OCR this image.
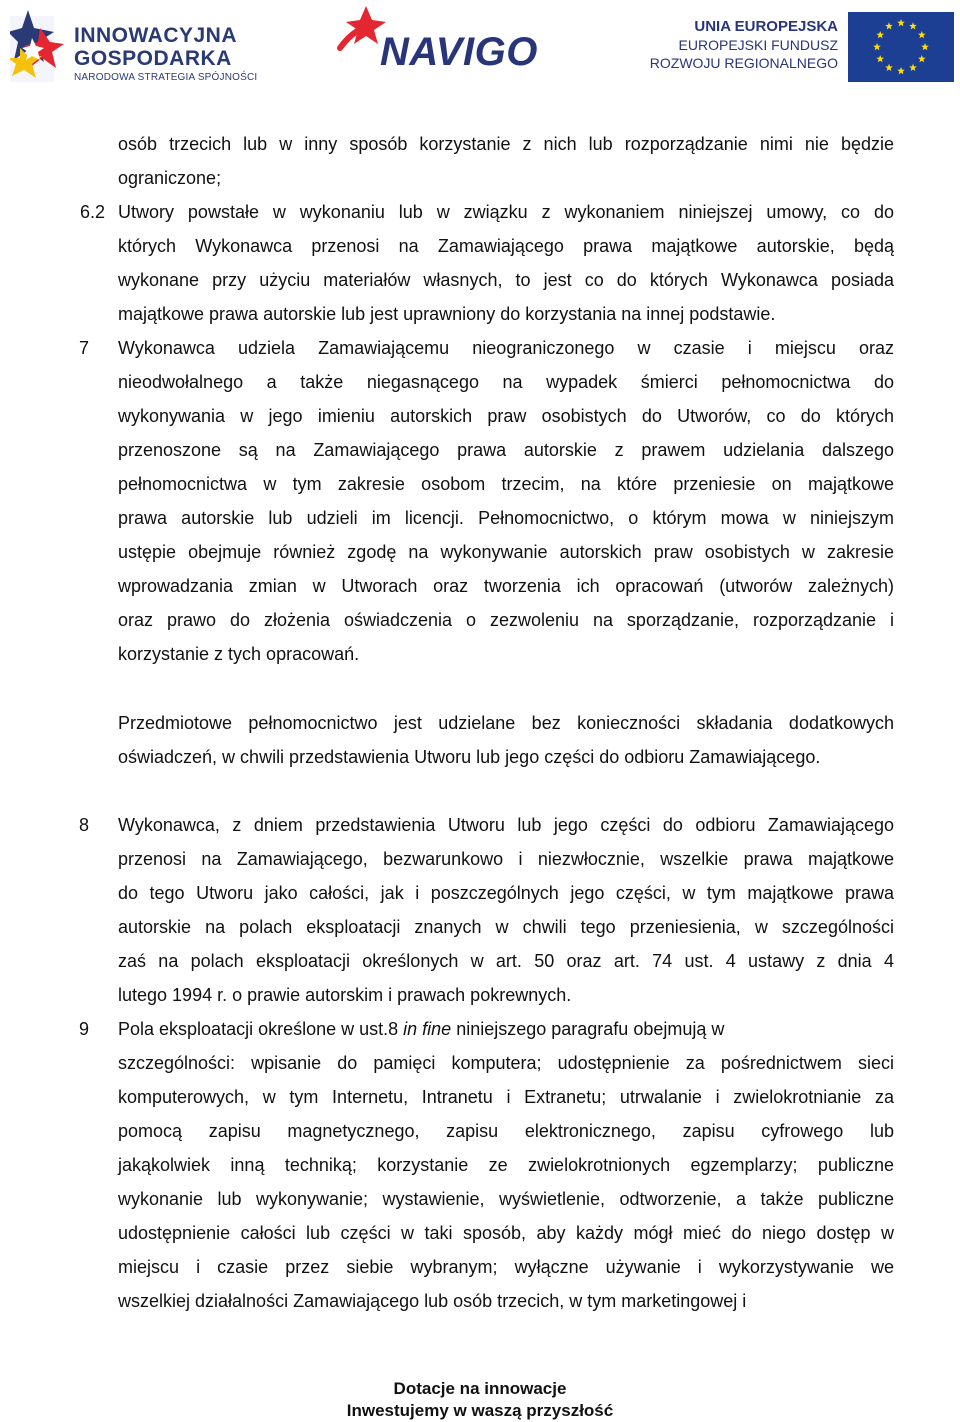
INNOWACYJNA
GOSPODARKA
NARODOWA STRATEGIA SPÓJNOŚCI
NAVIGO
UNIA EUROPEJSKA
EUROPEJSKI FUNDUSZ
ROZWOJU REGIONALNEGO
osób trzecich lub w inny sposób korzystanie z nich lub rozporządzanie nimi nie będzie
ograniczone;
6.2 Utwory powstałe w wykonaniu lub w związku z wykonaniem niniejszej umowy, co do
których Wykonawca przenosi na Zamawiającego prawa majątkowe autorskie, będą
wykonane przy użyciu materiałów własnych, to jest co do których Wykonawca posiada
majątkowe prawa autorskie lub jest uprawniony do korzystania na innej podstawie.
7 Wykonawca udziela Zamawiającemu nieograniczonego w czasie i miejscu oraz
nieodwołalnego a także niegasnącego na wypadek śmierci pełnomocnictwa do
wykonywania w jego imieniu autorskich praw osobistych do Utworów, co do których
przenoszone są na Zamawiającego prawa autorskie z prawem udzielania dalszego
pełnomocnictwa w tym zakresie osobom trzecim, na które przeniesie on majątkowe
prawa autorskie lub udzieli im licencji. Pełnomocnictwo, o którym mowa w niniejszym
ustępie obejmuje również zgodę na wykonywanie autorskich praw osobistych w zakresie
wprowadzania zmian w Utworach oraz tworzenia ich opracowań (utworów zależnych)
oraz prawo do złożenia oświadczenia o zezwoleniu na sporządzanie, rozporządzanie i
korzystanie z tych opracowań.
Przedmiotowe pełnomocnictwo jest udzielane bez konieczności składania dodatkowych
oświadczeń, w chwili przedstawienia Utworu lub jego części do odbioru Zamawiającego.
8 Wykonawca, z dniem przedstawienia Utworu lub jego części do odbioru Zamawiającego
przenosi na Zamawiającego, bezwarunkowo i niezwłocznie, wszelkie prawa majątkowe
do tego Utworu jako całości, jak i poszczególnych jego części, w tym majątkowe prawa
autorskie na polach eksploatacji znanych w chwili tego przeniesienia, w szczególności
zaś na polach eksploatacji określonych w art. 50 oraz art. 74 ust. 4 ustawy z dnia 4
lutego 1994 r. o prawie autorskim i prawach pokrewnych.
9 Pola eksploatacji określone w ust.8 in fine niniejszego paragrafu obejmują w
szczególności: wpisanie do pamięci komputera; udostępnienie za pośrednictwem sieci
komputerowych, w tym Internetu, Intranetu i Extranetu; utrwalanie i zwielokrotnianie za
pomocą zapisu magnetycznego, zapisu elektronicznego, zapisu cyfrowego lub
jakąkolwiek inną techniką; korzystanie ze zwielokrotnionych egzemplarzy; publiczne
wykonanie lub wykonywanie; wystawienie, wyświetlenie, odtworzenie, a także publiczne
udostępnienie całości lub części w taki sposób, aby każdy mógł mieć do niego dostęp w
miejscu i czasie przez siebie wybranym; wyłączne używanie i wykorzystywanie we
wszelkiej działalności Zamawiającego lub osób trzecich, w tym marketingowej i
Dotacje na innowacje
Inwestujemy w waszą przyszłość
